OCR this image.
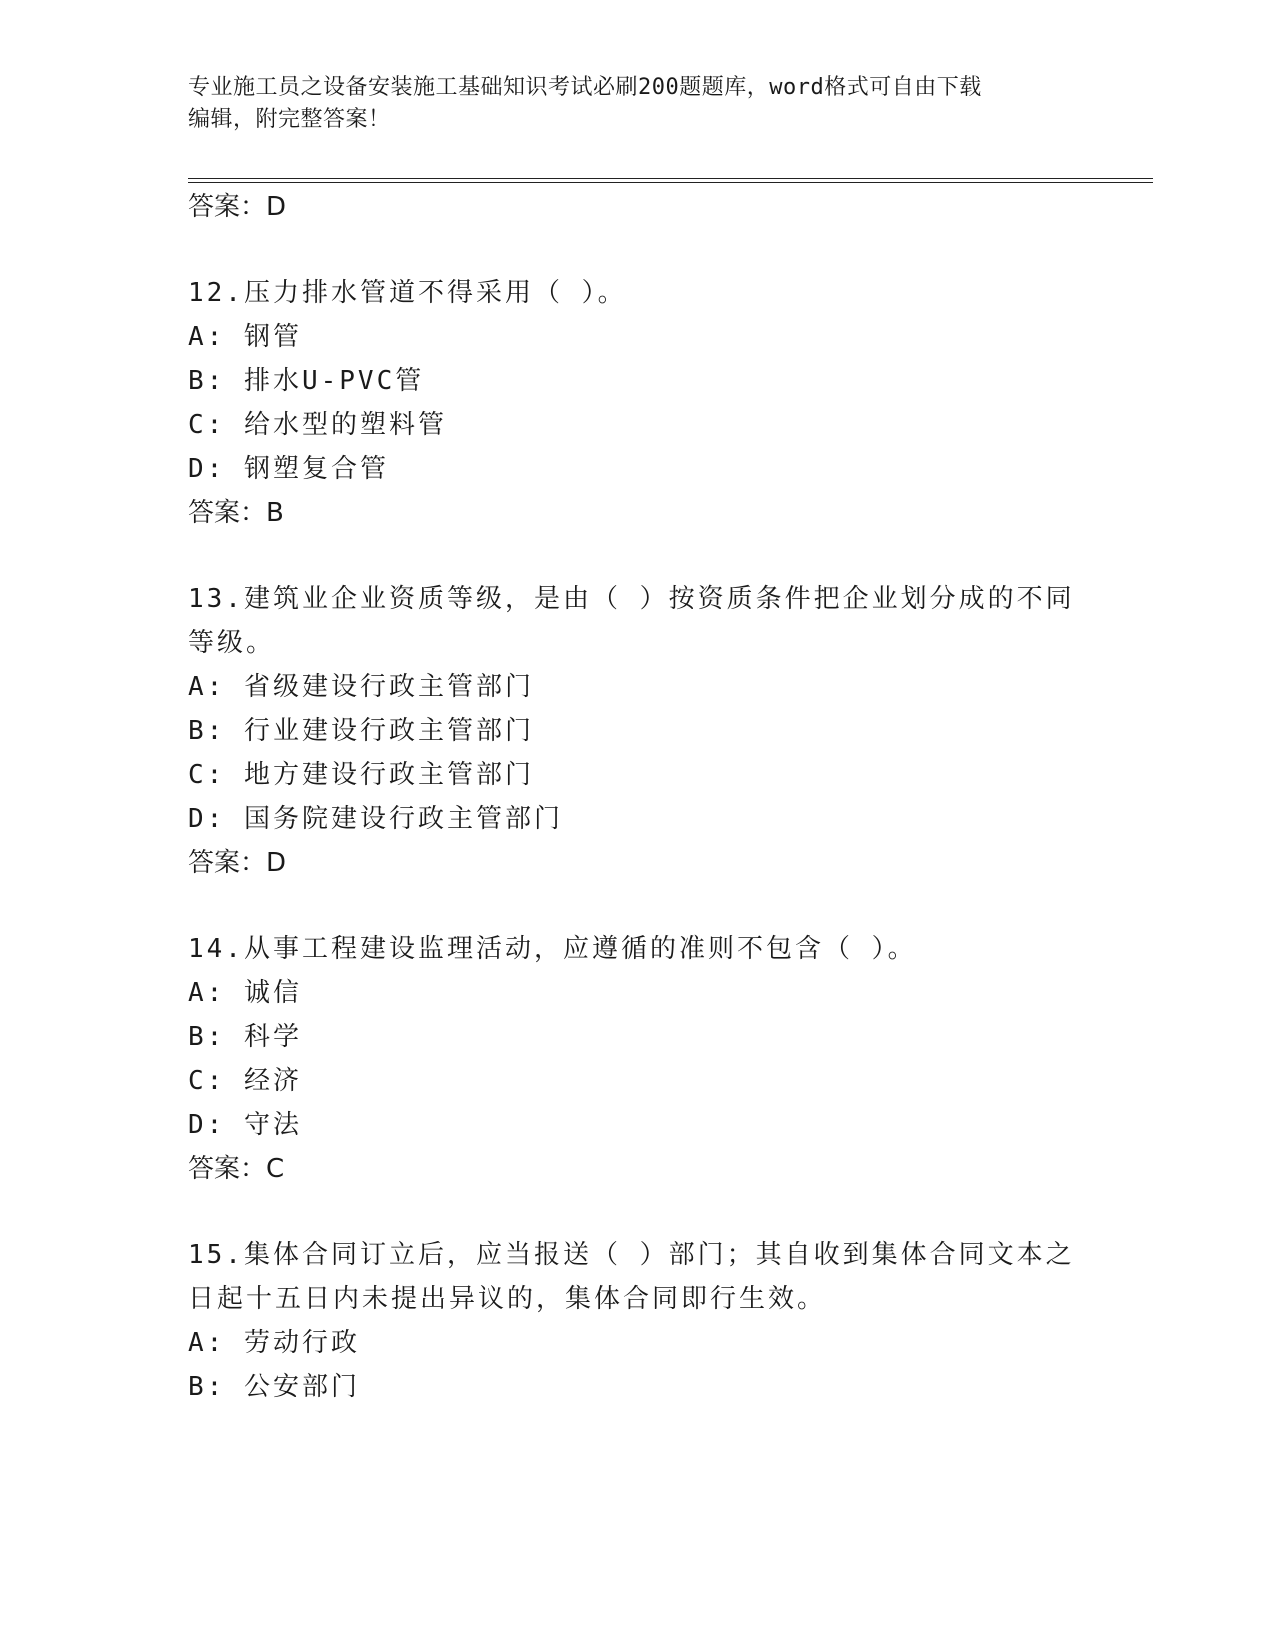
专业施工员之设备安装施工基础知识考试必刷200题题库，word格式可自由下载
编辑，附完整答案！
答案：D
12.压力排水管道不得采用（ ）。
A: 钢管
B: 排水U-PVC管
C: 给水型的塑料管
D: 钢塑复合管
答案：B
13.建筑业企业资质等级，是由（ ）按资质条件把企业划分成的不同
等级。
A: 省级建设行政主管部门
B: 行业建设行政主管部门
C: 地方建设行政主管部门
D: 国务院建设行政主管部门
答案：D
14.从事工程建设监理活动，应遵循的准则不包含（ ）。
A: 诚信
B: 科学
C: 经济
D: 守法
答案：C
15.集体合同订立后，应当报送（ ）部门；其自收到集体合同文本之
日起十五日内未提出异议的，集体合同即行生效。
A: 劳动行政
B: 公安部门
